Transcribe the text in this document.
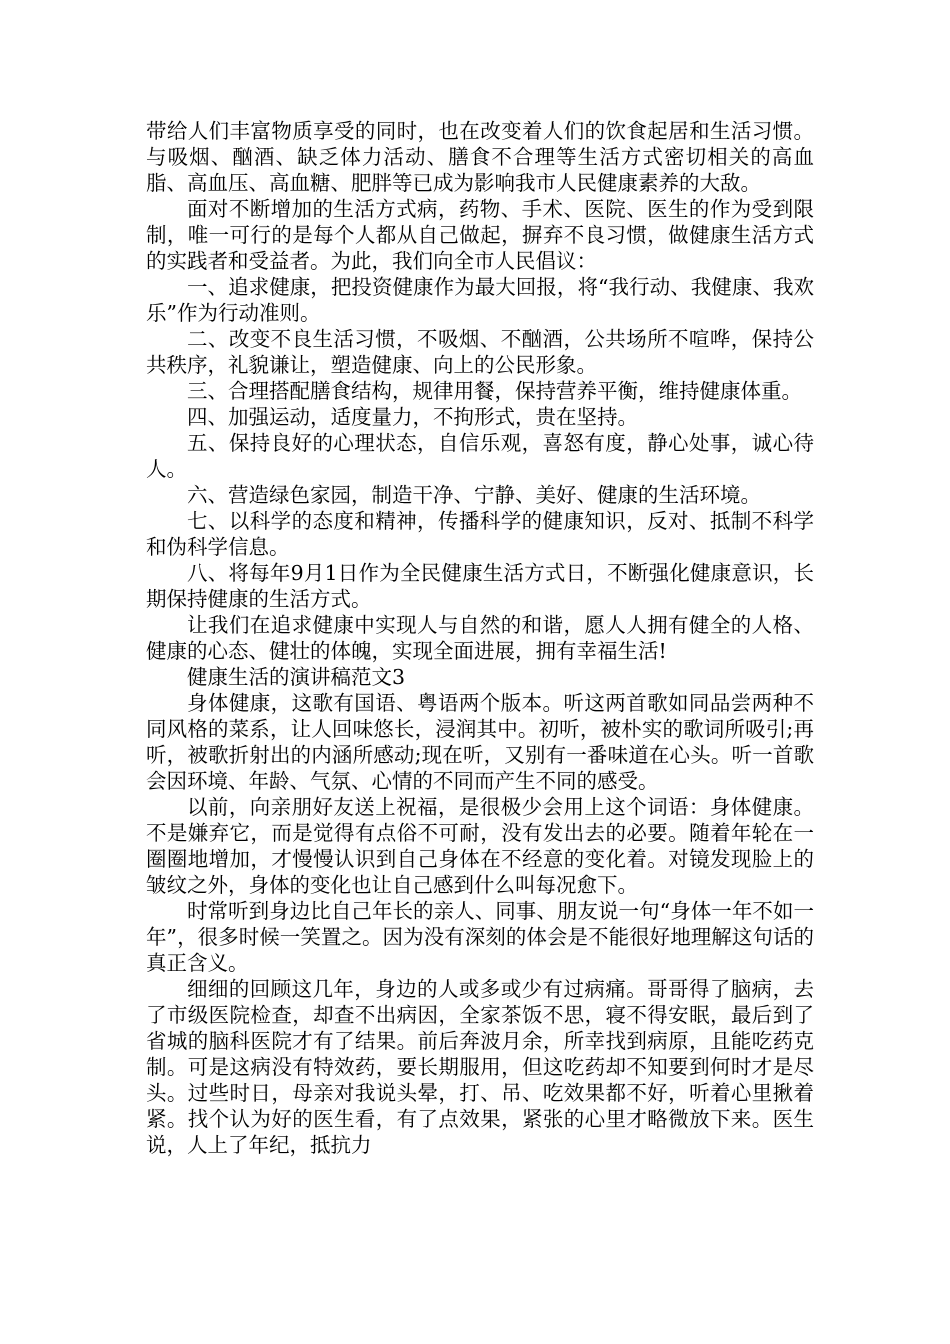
带给人们丰富物质享受的同时，也在改变着人们的饮食起居和生活习惯。与吸烟、酗酒、缺乏体力活动、膳食不合理等生活方式密切相关的高血脂、高血压、高血糖、肥胖等已成为影响我市人民健康素养的大敌。

面对不断增加的生活方式病，药物、手术、医院、医生的作为受到限制，唯一可行的是每个人都从自己做起，摒弃不良习惯，做健康生活方式的实践者和受益者。为此，我们向全市人民倡议：

一、追求健康，把投资健康作为最大回报，将“我行动、我健康、我欢乐”作为行动准则。

二、改变不良生活习惯，不吸烟、不酗酒，公共场所不喧哗，保持公共秩序，礼貌谦让，塑造健康、向上的公民形象。

三、合理搭配膳食结构，规律用餐，保持营养平衡，维持健康体重。

四、加强运动，适度量力，不拘形式，贵在坚持。

五、保持良好的心理状态，自信乐观，喜怒有度，静心处事，诚心待人。

六、营造绿色家园，制造干净、宁静、美好、健康的生活环境。

七、以科学的态度和精神，传播科学的健康知识，反对、抵制不科学和伪科学信息。

八、将每年9月1日作为全民健康生活方式日，不断强化健康意识，长期保持健康的生活方式。

让我们在追求健康中实现人与自然的和谐，愿人人拥有健全的人格、健康的心态、健壮的体魄，实现全面进展，拥有幸福生活!

健康生活的演讲稿范文3

身体健康，这歌有国语、粤语两个版本。听这两首歌如同品尝两种不同风格的菜系，让人回味悠长，浸润其中。初听，被朴实的歌词所吸引;再听，被歌折射出的内涵所感动;现在听，又别有一番味道在心头。听一首歌会因环境、年龄、气氛、心情的不同而产生不同的感受。

以前，向亲朋好友送上祝福，是很极少会用上这个词语：身体健康。不是嫌弃它，而是觉得有点俗不可耐，没有发出去的必要。随着年轮在一圈圈地增加，才慢慢认识到自己身体在不经意的变化着。对镜发现脸上的皱纹之外，身体的变化也让自己感到什么叫每况愈下。

时常听到身边比自己年长的亲人、同事、朋友说一句“身体一年不如一年”，很多时候一笑置之。因为没有深刻的体会是不能很好地理解这句话的真正含义。

细细的回顾这几年，身边的人或多或少有过病痛。哥哥得了脑病，去了市级医院检查，却查不出病因，全家茶饭不思，寝不得安眠，最后到了省城的脑科医院才有了结果。前后奔波月余，所幸找到病原，且能吃药克制。可是这病没有特效药，要长期服用，但这吃药却不知要到何时才是尽头。过些时日，母亲对我说头晕，打、吊、吃效果都不好，听着心里揪着紧。找个认为好的医生看，有了点效果，紧张的心里才略微放下来。医生说，人上了年纪，抵抗力
